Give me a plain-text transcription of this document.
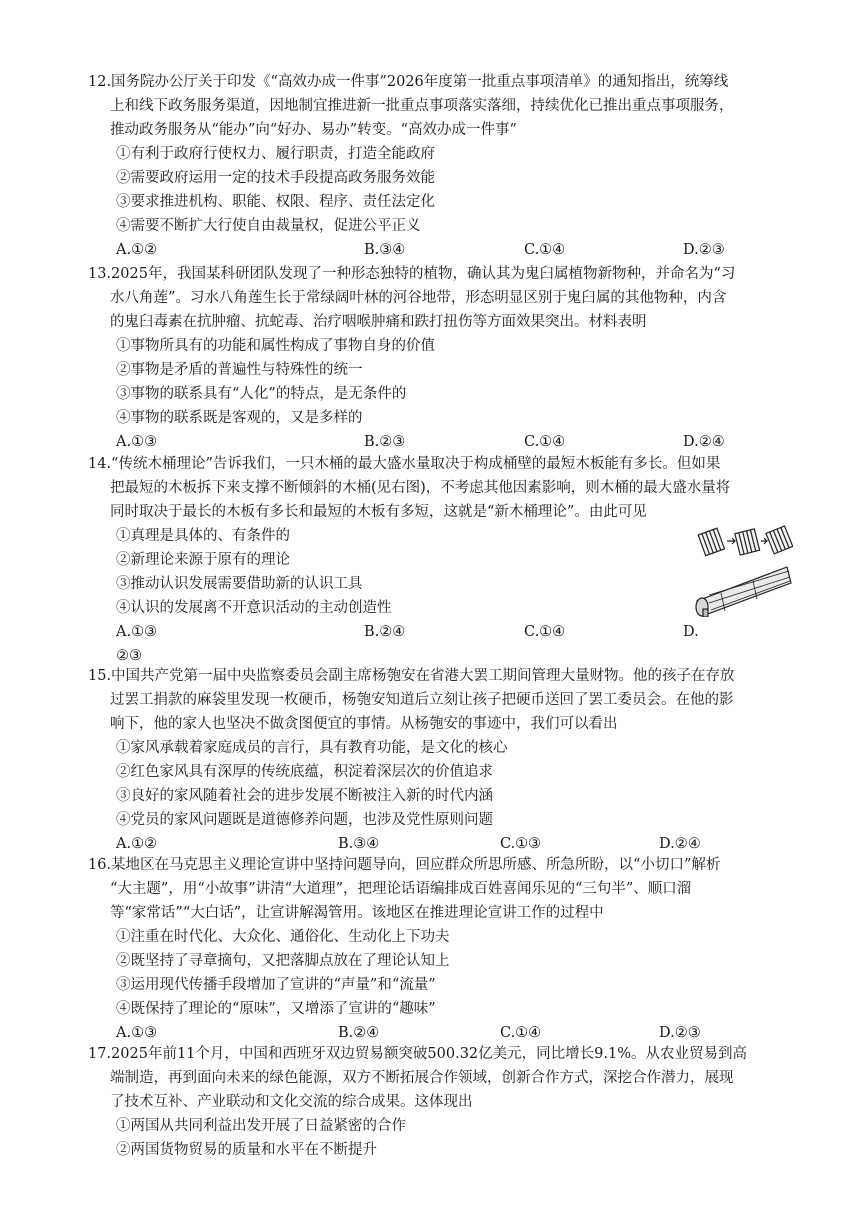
12.国务院办公厅关于印发《“高效办成一件事”2026年度第一批重点事项清单》的通知指出，统筹线
上和线下政务服务渠道，因地制宜推进新一批重点事项落实落细，持续优化已推出重点事项服务，
推动政务服务从“能办”向“好办、易办”转变。“高效办成一件事”
①有利于政府行使权力、履行职责，打造全能政府
②需要政府运用一定的技术手段提高政务服务效能
③要求推进机构、职能、权限、程序、责任法定化
④需要不断扩大行使自由裁量权，促进公平正义
A.①②	B.③④	C.①④	D.②③
13.2025年，我国某科研团队发现了一种形态独特的植物，确认其为鬼臼属植物新物种，并命名为“习
水八角莲”。习水八角莲生长于常绿阔叶林的河谷地带，形态明显区别于鬼臼属的其他物种，内含
的鬼臼毒素在抗肿瘤、抗蛇毒、治疗咽喉肿痛和跌打扭伤等方面效果突出。材料表明
①事物所具有的功能和属性构成了事物自身的价值
②事物是矛盾的普遍性与特殊性的统一
③事物的联系具有“人化”的特点，是无条件的
④事物的联系既是客观的，又是多样的
A.①③	B.②③	C.①④	D.②④
14.“传统木桶理论”告诉我们，一只木桶的最大盛水量取决于构成桶壁的最短木板能有多长。但如果
把最短的木板拆下来支撑不断倾斜的木桶(见右图)，不考虑其他因素影响，则木桶的最大盛水量将
同时取决于最长的木板有多长和最短的木板有多短，这就是“新木桶理论”。由此可见
①真理是具体的、有条件的
②新理论来源于原有的理论
③推动认识发展需要借助新的认识工具
④认识的发展离不开意识活动的主动创造性
A.①③	B.②④	C.①④	D.
②③
15.中国共产党第一届中央监察委员会副主席杨匏安在省港大罢工期间管理大量财物。他的孩子在存放
过罢工捐款的麻袋里发现一枚硬币，杨匏安知道后立刻让孩子把硬币送回了罢工委员会。在他的影
响下，他的家人也坚决不做贪图便宜的事情。从杨匏安的事迹中，我们可以看出
①家风承载着家庭成员的言行，具有教育功能，是文化的核心
②红色家风具有深厚的传统底蕴，积淀着深层次的价值追求
③良好的家风随着社会的进步发展不断被注入新的时代内涵
④党员的家风问题既是道德修养问题，也涉及党性原则问题
A.①②	B.③④	C.①③	D.②④
16.某地区在马克思主义理论宣讲中坚持问题导向，回应群众所思所感、所急所盼，以“小切口”解析
“大主题”，用“小故事”讲清“大道理”，把理论话语编排成百姓喜闻乐见的“三句半”、顺口溜
等“家常话”“大白话”，让宣讲解渴管用。该地区在推进理论宣讲工作的过程中
①注重在时代化、大众化、通俗化、生动化上下功夫
②既坚持了寻章摘句，又把落脚点放在了理论认知上
③运用现代传播手段增加了宣讲的“声量”和“流量”
④既保持了理论的“原味”，又增添了宣讲的“趣味”
A.①③	B.②④	C.①④	D.②③
17.2025年前11个月，中国和西班牙双边贸易额突破500.32亿美元，同比增长9.1%。从农业贸易到高
端制造，再到面向未来的绿色能源，双方不断拓展合作领域，创新合作方式，深挖合作潜力，展现
了技术互补、产业联动和文化交流的综合成果。这体现出
①两国从共同利益出发开展了日益紧密的合作
②两国货物贸易的质量和水平在不断提升
